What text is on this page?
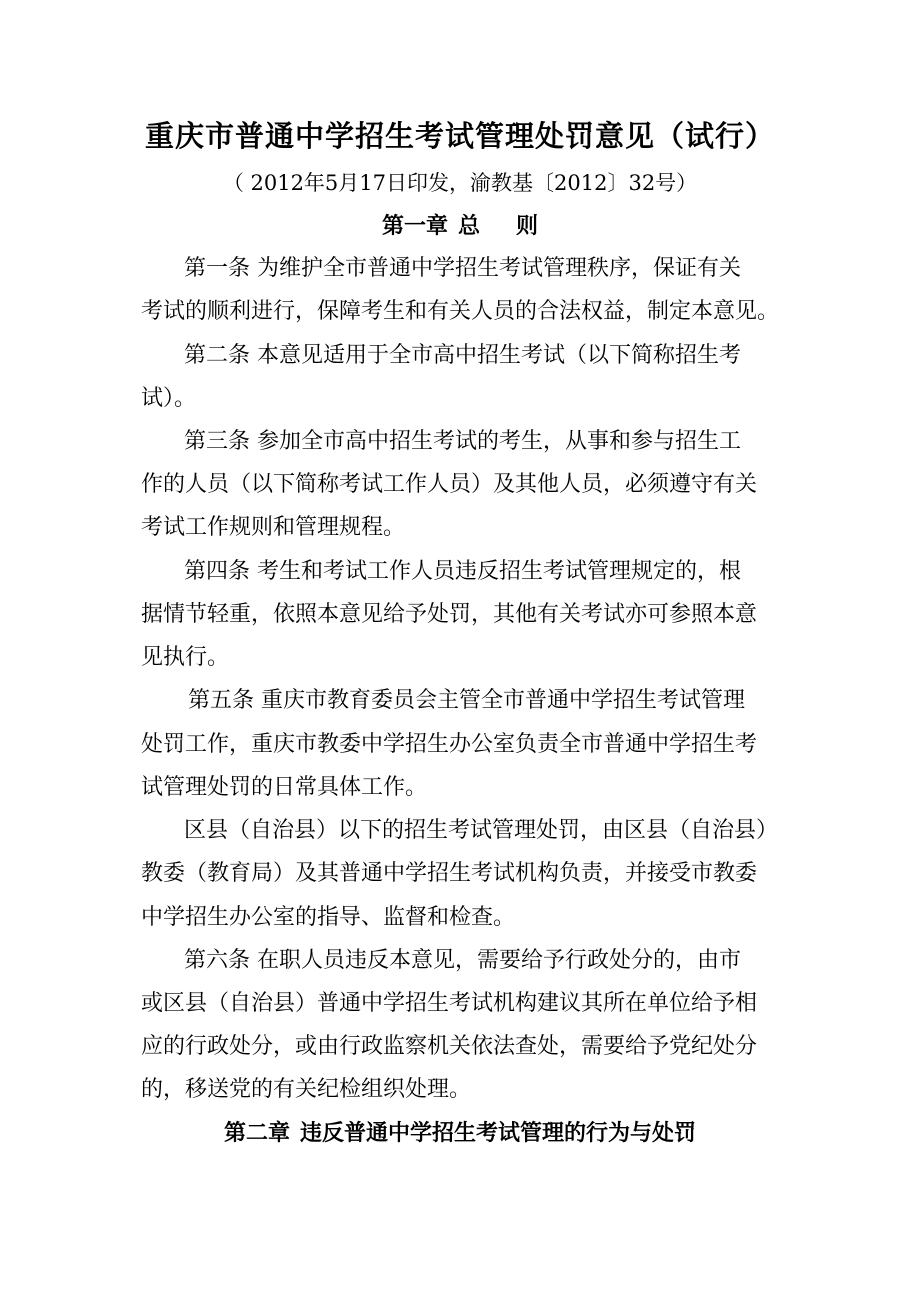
重庆市普通中学招生考试管理处罚意见（试行）

（ 2012年5月17日印发，渝教基〔2012〕32号）

第一章 总 则

第一条 为维护全市普通中学招生考试管理秩序，保证有关

考试的顺利进行，保障考生和有关人员的合法权益，制定本意见。

第二条 本意见适用于全市高中招生考试（以下简称招生考

试）。

第三条 参加全市高中招生考试的考生，从事和参与招生工

作的人员（以下简称考试工作人员）及其他人员，必须遵守有关

考试工作规则和管理规程。

第四条 考生和考试工作人员违反招生考试管理规定的，根

据情节轻重，依照本意见给予处罚，其他有关考试亦可参照本意

见执行。

第五条 重庆市教育委员会主管全市普通中学招生考试管理

处罚工作，重庆市教委中学招生办公室负责全市普通中学招生考

试管理处罚的日常具体工作。

区县（自治县）以下的招生考试管理处罚，由区县（自治县）

教委（教育局）及其普通中学招生考试机构负责，并接受市教委

中学招生办公室的指导、监督和检查。

第六条 在职人员违反本意见，需要给予行政处分的，由市

或区县（自治县）普通中学招生考试机构建议其所在单位给予相

应的行政处分，或由行政监察机关依法查处，需要给予党纪处分

的，移送党的有关纪检组织处理。

第二章 违反普通中学招生考试管理的行为与处罚
